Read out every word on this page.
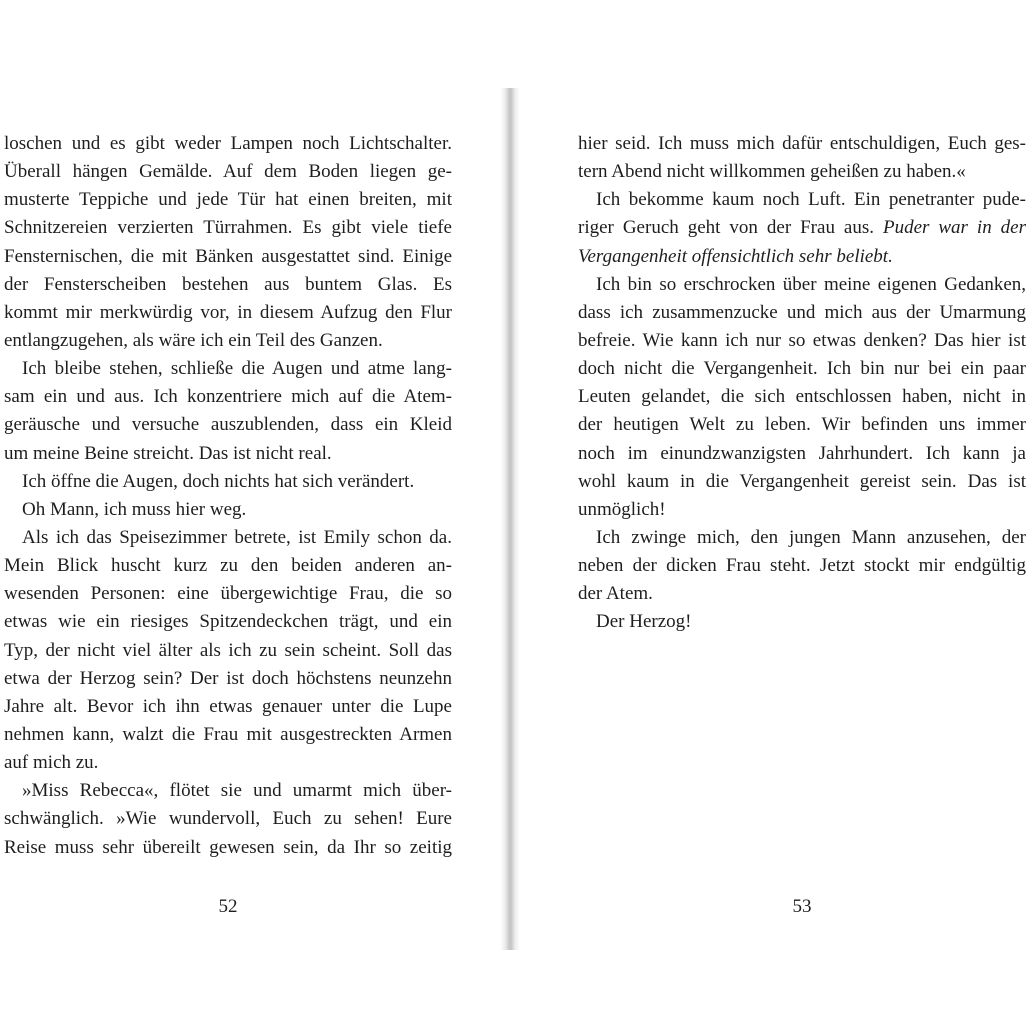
loschen und es gibt weder Lampen noch Lichtschalter.
Überall hängen Gemälde. Auf dem Boden liegen ge-
musterte Teppiche und jede Tür hat einen breiten, mit
Schnitzereien verzierten Türrahmen. Es gibt viele tiefe
Fensternischen, die mit Bänken ausgestattet sind. Einige
der Fensterscheiben bestehen aus buntem Glas. Es
kommt mir merkwürdig vor, in diesem Aufzug den Flur
entlangzugehen, als wäre ich ein Teil des Ganzen.
Ich bleibe stehen, schließe die Augen und atme lang-
sam ein und aus. Ich konzentriere mich auf die Atem-
geräusche und versuche auszublenden, dass ein Kleid
um meine Beine streicht. Das ist nicht real.
Ich öffne die Augen, doch nichts hat sich verändert.
Oh Mann, ich muss hier weg.
Als ich das Speisezimmer betrete, ist Emily schon da.
Mein Blick huscht kurz zu den beiden anderen an-
wesenden Personen: eine übergewichtige Frau, die so
etwas wie ein riesiges Spitzendeckchen trägt, und ein
Typ, der nicht viel älter als ich zu sein scheint. Soll das
etwa der Herzog sein? Der ist doch höchstens neunzehn
Jahre alt. Bevor ich ihn etwas genauer unter die Lupe
nehmen kann, walzt die Frau mit ausgestreckten Armen
auf mich zu.
»Miss Rebecca«, flötet sie und umarmt mich über-
schwänglich. »Wie wundervoll, Euch zu sehen! Eure
Reise muss sehr übereilt gewesen sein, da Ihr so zeitig
52
hier seid. Ich muss mich dafür entschuldigen, Euch ges-
tern Abend nicht willkommen geheißen zu haben.«
Ich bekomme kaum noch Luft. Ein penetranter pude-
riger Geruch geht von der Frau aus. Puder war in der
Vergangenheit offensichtlich sehr beliebt.
Ich bin so erschrocken über meine eigenen Gedanken,
dass ich zusammenzucke und mich aus der Umarmung
befreie. Wie kann ich nur so etwas denken? Das hier ist
doch nicht die Vergangenheit. Ich bin nur bei ein paar
Leuten gelandet, die sich entschlossen haben, nicht in
der heutigen Welt zu leben. Wir befinden uns immer
noch im einundzwanzigsten Jahrhundert. Ich kann ja
wohl kaum in die Vergangenheit gereist sein. Das ist
unmöglich!
Ich zwinge mich, den jungen Mann anzusehen, der
neben der dicken Frau steht. Jetzt stockt mir endgültig
der Atem.
Der Herzog!
53
